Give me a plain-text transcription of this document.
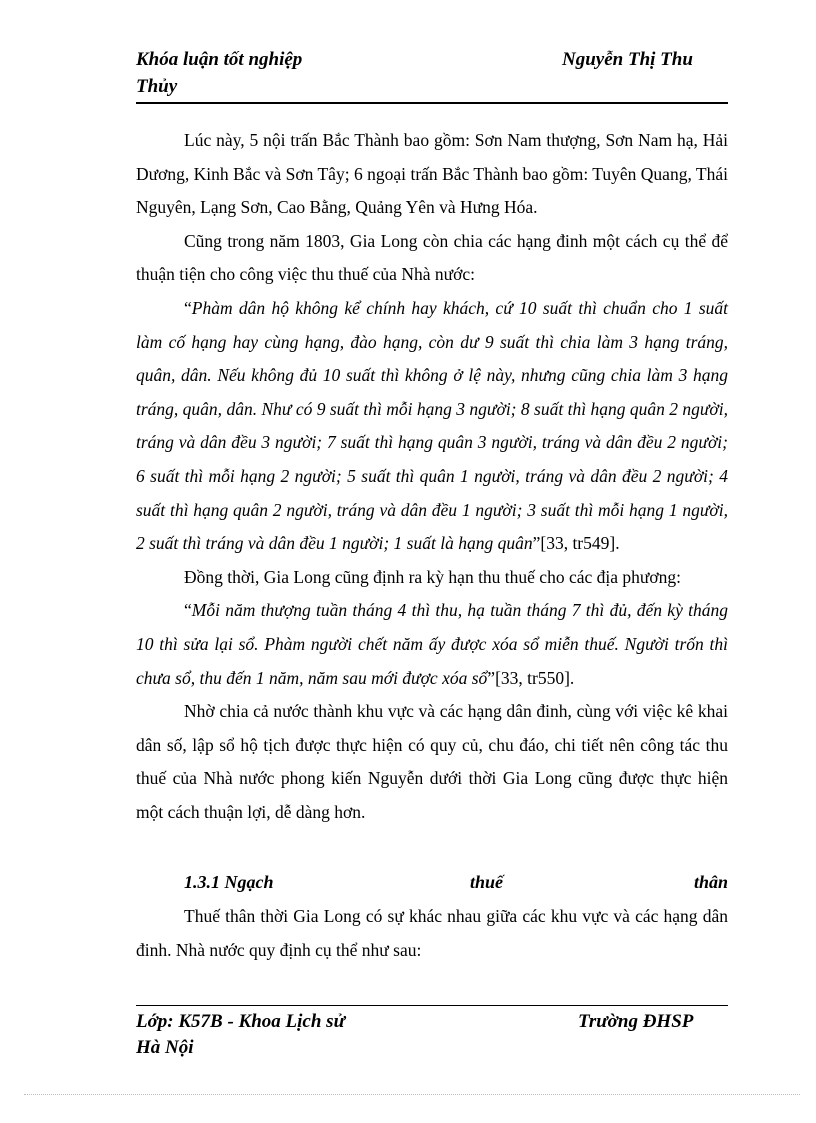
Khóa luận tốt nghiệp	Nguyễn Thị Thu
Thủy

Lúc này, 5 nội trấn Bắc Thành bao gồm: Sơn Nam thượng, Sơn Nam hạ, Hải Dương, Kinh Bắc và Sơn Tây; 6 ngoại trấn Bắc Thành bao gồm: Tuyên Quang, Thái Nguyên, Lạng Sơn, Cao Bằng, Quảng Yên và Hưng Hóa.

Cũng trong năm 1803, Gia Long còn chia các hạng đinh một cách cụ thể để thuận tiện cho công việc thu thuế của Nhà nước:

“Phàm dân hộ không kể chính hay khách, cứ 10 suất thì chuẩn cho 1 suất làm cố hạng hay cùng hạng, đào hạng, còn dư 9 suất thì chia làm 3 hạng tráng, quân, dân. Nếu không đủ 10 suất thì không ở lệ này, nhưng cũng chia làm 3 hạng tráng, quân, dân. Như có 9 suất thì mỗi hạng 3 người; 8 suất thì hạng quân 2 người, tráng và dân đều 3 người; 7 suất thì hạng quân 3 người, tráng và dân đều 2 người; 6 suất thì mỗi hạng 2 người; 5 suất thì quân 1 người, tráng và dân đều 2 người; 4 suất thì hạng quân 2 người, tráng và dân đều 1 người; 3 suất thì mỗi hạng 1 người, 2 suất thì tráng và dân đều 1 người; 1 suất là hạng quân”[33, tr549].

Đồng thời, Gia Long cũng định ra kỳ hạn thu thuế cho các địa phương:

“Mỗi năm thượng tuần tháng 4 thì thu, hạ tuần tháng 7 thì đủ, đến kỳ tháng 10 thì sửa lại sổ. Phàm người chết năm ấy được xóa sổ miễn thuế. Người trốn thì chưa sổ, thu đến 1 năm, năm sau mới được xóa sổ”[33, tr550].

Nhờ chia cả nước thành khu vực và các hạng dân đinh, cùng với việc kê khai dân số, lập sổ hộ tịch được thực hiện có quy củ, chu đáo, chi tiết nên công tác thu thuế của Nhà nước phong kiến Nguyễn dưới thời Gia Long cũng được thực hiện một cách thuận lợi, dễ dàng hơn.

1.3.1 Ngạch	thuế	thân

Thuế thân thời Gia Long có sự khác nhau giữa các khu vực và các hạng dân đinh. Nhà nước quy định cụ thể như sau:

Lớp: K57B - Khoa Lịch sử	Trường ĐHSP
Hà Nội
